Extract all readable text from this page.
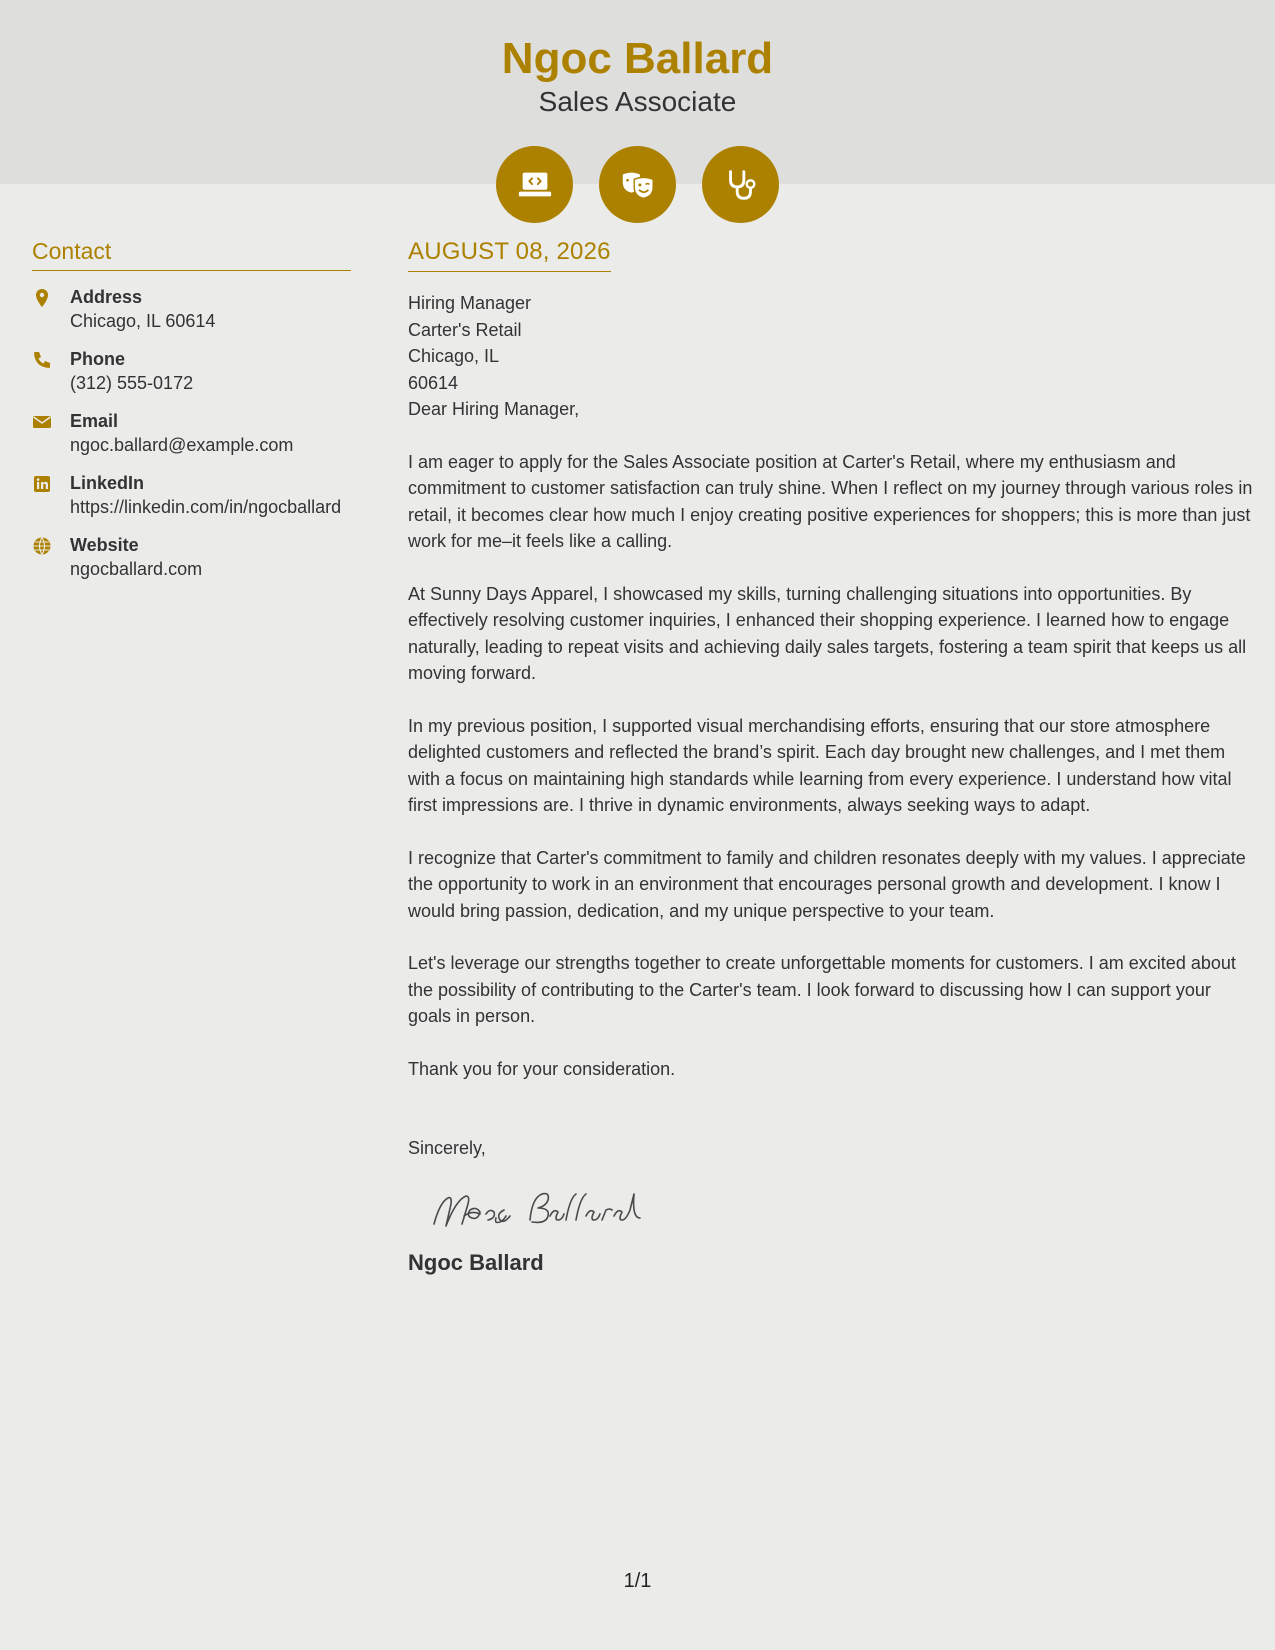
Ngoc Ballard
Sales Associate
Contact
Address
Chicago, IL 60614
Phone
(312) 555-0172
Email
ngoc.ballard@example.com
LinkedIn
https://linkedin.com/in/ngocballard
Website
ngocballard.com
AUGUST 08, 2026
Hiring Manager
Carter's Retail
Chicago, IL
60614

Dear Hiring Manager,

I am eager to apply for the Sales Associate position at Carter's Retail, where my enthusiasm and commitment to customer satisfaction can truly shine. When I reflect on my journey through various roles in retail, it becomes clear how much I enjoy creating positive experiences for shoppers; this is more than just work for me–it feels like a calling.

At Sunny Days Apparel, I showcased my skills, turning challenging situations into opportunities. By effectively resolving customer inquiries, I enhanced their shopping experience. I learned how to engage naturally, leading to repeat visits and achieving daily sales targets, fostering a team spirit that keeps us all moving forward.

In my previous position, I supported visual merchandising efforts, ensuring that our store atmosphere delighted customers and reflected the brand’s spirit. Each day brought new challenges, and I met them with a focus on maintaining high standards while learning from every experience. I understand how vital first impressions are. I thrive in dynamic environments, always seeking ways to adapt.

I recognize that Carter's commitment to family and children resonates deeply with my values. I appreciate the opportunity to work in an environment that encourages personal growth and development. I know I would bring passion, dedication, and my unique perspective to your team.

Let's leverage our strengths together to create unforgettable moments for customers. I am excited about the possibility of contributing to the Carter's team. I look forward to discussing how I can support your goals in person.

Thank you for your consideration.

Sincerely,

Ngoc Ballard
1/1
